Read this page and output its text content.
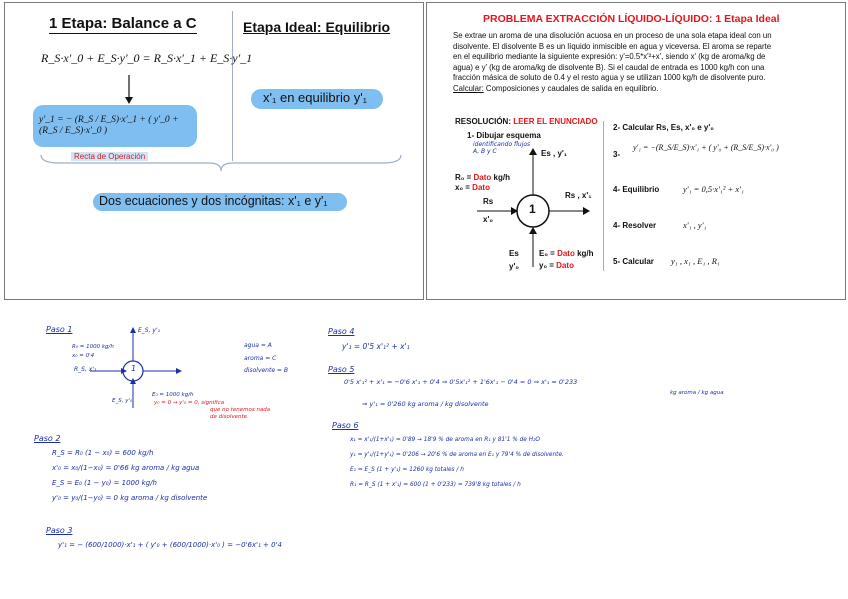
1 Etapa: Balance a C	Etapa Ideal: Equilibrio
R_S·x'_0 + E_S·y'_0 = R_S·x'_1 + E_S·y'_1
y'_1 = − (R_S / E_S)·x'_1 + ( y'_0 + (R_S / E_S)·x'_0 )
Recta de Operación
x'₁ en equilibrio y'₁
Dos ecuaciones y dos incógnitas: x'₁ e y'₁
PROBLEMA EXTRACCIÓN LÍQUIDO-LÍQUIDO: 1 Etapa Ideal
Se extrae un aroma de una disolución acuosa en un proceso de una sola etapa ideal con un
disolvente. El disolvente B es un líquido inmiscible en agua y viceversa. El aroma se reparte
en el equilibrio mediante la siguiente expresión: y'=0.5*x'²+x', siendo x' (kg de aroma/kg de
agua) e y' (kg de aroma/kg de disolvente B). Si el caudal de entrada es 1000 kg/h con una
fracción másica de soluto de 0.4 y el resto agua y se utilizan 1000 kg/h de disolvente puro.
Calcular: Composiciones y caudales de salida en equilibrio.
RESOLUCIÓN: LEER EL ENUNCIADO
1- Dibujar esquema
identificando flujos A, B y C
1
Es , y'₁
Rs , x'₁
R₀ = Dato kg/h
x₀ = Dato
Rs
x'₀
Es
y'₀
E₀ = Dato kg/h
y₀ = Dato
2- Calcular Rs, Es, x'₀ e y'₀
3-
y'₁ = −(R_S/E_S)·x'₁ + ( y'₀ + (R_S/E_S)·x'₀ )
4- Equilibrio	y'₁ = 0,5·x'₁² + x'₁
4- Resolver	x'₁ , y'₁
5- Calcular y₁ , x₁ , E₁ , R₁
Paso 1
1
E_S, y'₁
R₀ = 1000 kg/h
x₀ = 0'4
R_S, x'₁
E_S, y'₀
E₀ = 1000 kg/h
agua = A
aroma = C
disolvente = B
y₀ = 0 → y'₀ = 0, significa
que no tenemos nada
de disolvente.
Paso 2
R_S = R₀ (1 − x₀) = 600 kg/h
x'₀ = x₀/(1−x₀) = 0'66 kg aroma / kg agua
E_S = E₀ (1 − y₀) = 1000 kg/h
y'₀ = y₀/(1−y₀) = 0 kg aroma / kg disolvente
Paso 3
y'₁ = − (600/1000)·x'₁ + ( y'₀ + (600/1000)·x'₀ ) = −0'6x'₁ + 0'4
Paso 4
y'₁ = 0'5 x'₁² + x'₁
Paso 5
0'5 x'₁² + x'₁ = −0'6 x'₁ + 0'4 ⇒ 0'5x'₁² + 1'6x'₁ − 0'4 = 0 ⇒ x'₁ = 0'233
kg aroma / kg agua
⇒ y'₁ = 0'260 kg aroma / kg disolvente
Paso 6
x₁ = x'₁/(1+x'₁) = 0'89 → 18'9 % de aroma en R₁ y 81'1 % de H₂O
y₁ = y'₁/(1+y'₁) = 0'206 → 20'6 % de aroma en E₁ y 79'4 % de disolvente.
E₁ = E_S (1 + y'₁) = 1260 kg totales / h
R₁ = R_S (1 + x'₁) = 600 (1 + 0'233) = 739'8 kg totales / h
